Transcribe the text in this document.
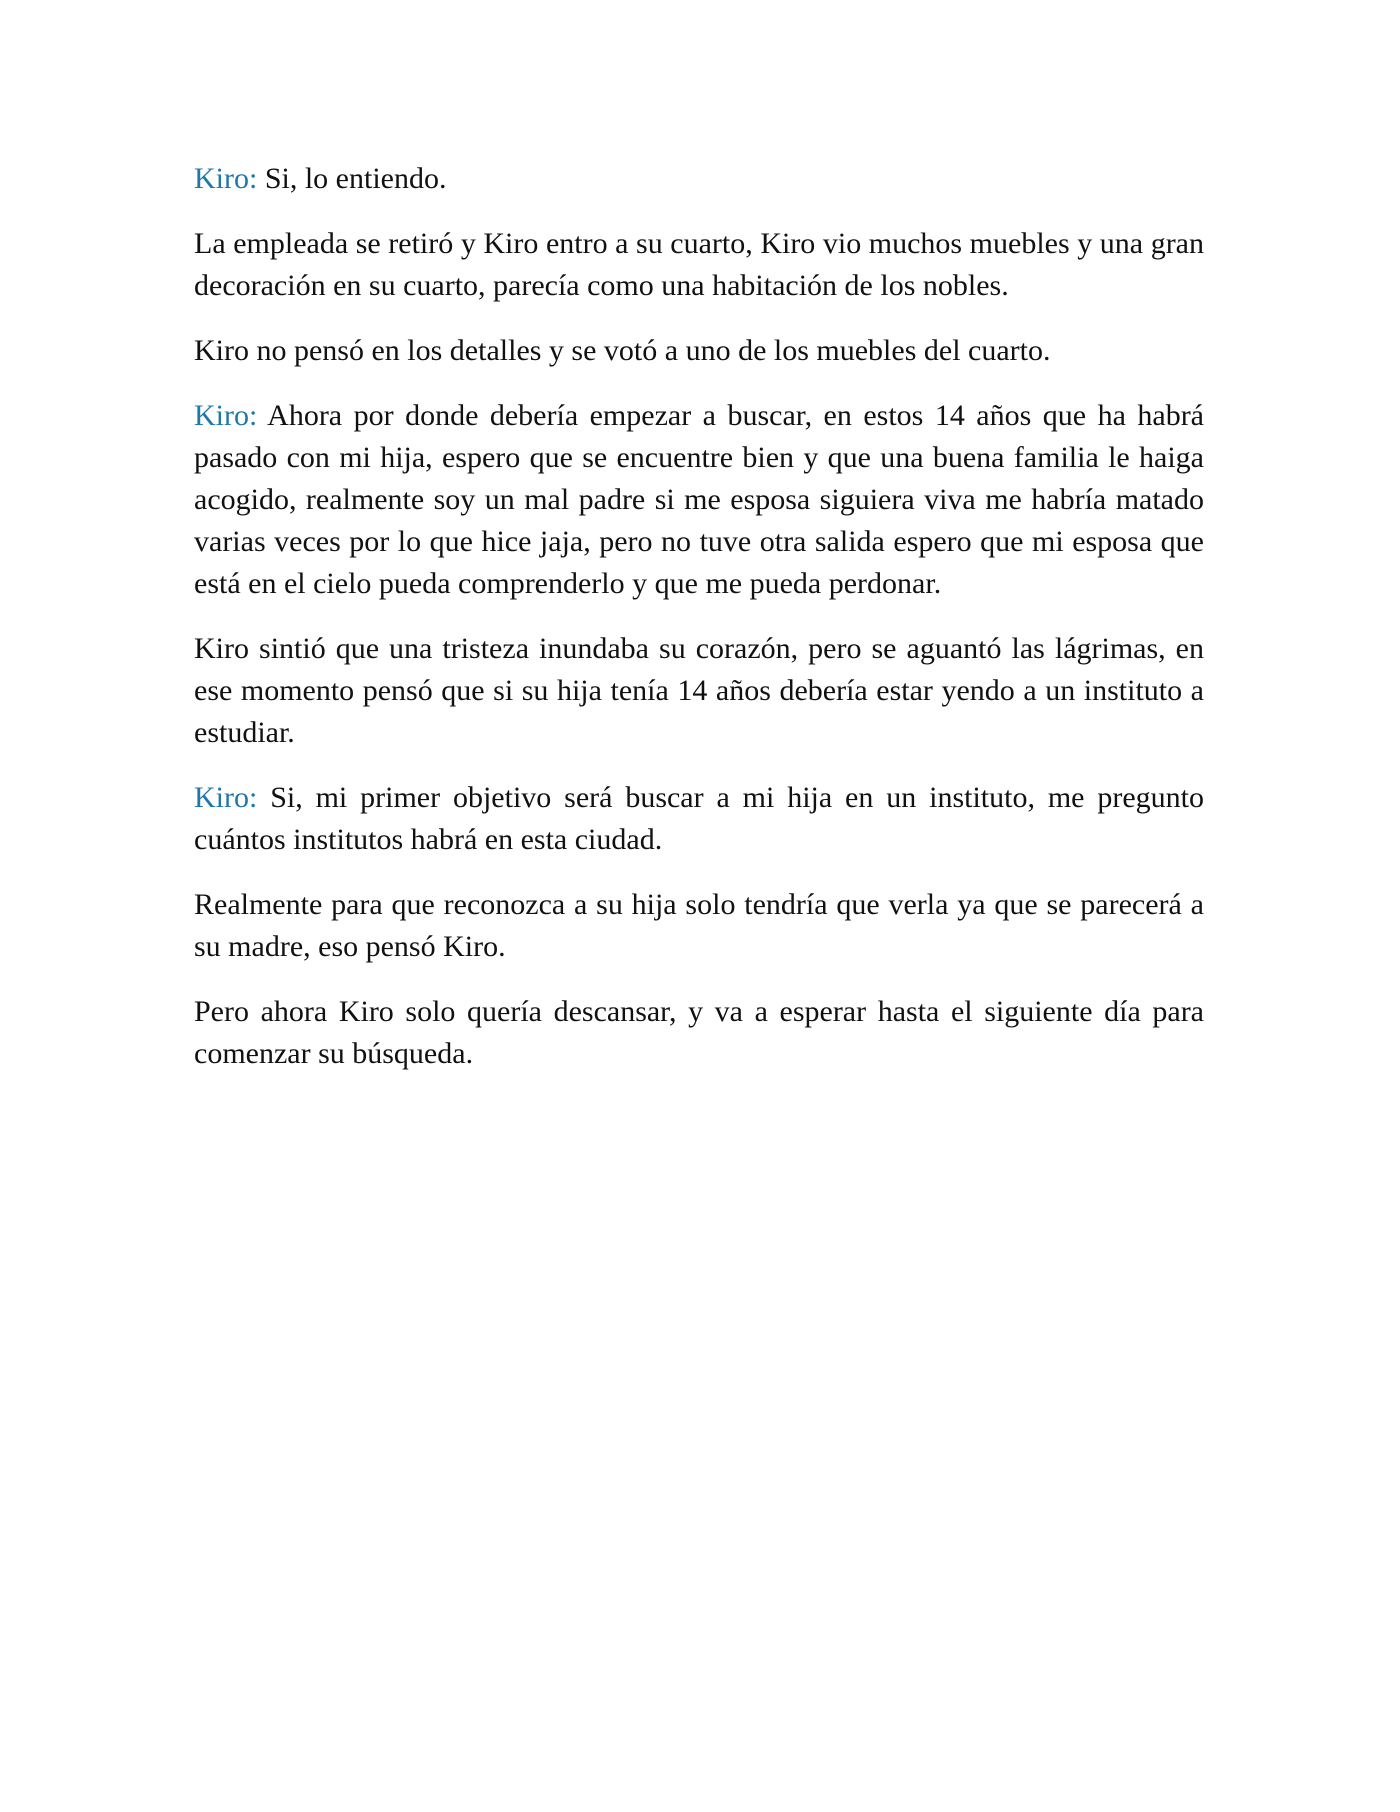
Kiro: Si, lo entiendo.

La empleada se retiró y Kiro entro a su cuarto, Kiro vio muchos muebles y una gran decoración en su cuarto, parecía como una habitación de los nobles.

Kiro no pensó en los detalles y se votó a uno de los muebles del cuarto.

Kiro: Ahora por donde debería empezar a buscar, en estos 14 años que ha habrá pasado con mi hija, espero que se encuentre bien y que una buena familia le haiga acogido, realmente soy un mal padre si me esposa siguiera viva me habría matado varias veces por lo que hice jaja, pero no tuve otra salida espero que mi esposa que está en el cielo pueda comprenderlo y que me pueda perdonar.

Kiro sintió que una tristeza inundaba su corazón, pero se aguantó las lágrimas, en ese momento pensó que si su hija tenía 14 años debería estar yendo a un instituto a estudiar.

Kiro: Si, mi primer objetivo será buscar a mi hija en un instituto, me pregunto cuántos institutos habrá en esta ciudad.

Realmente para que reconozca a su hija solo tendría que verla ya que se parecerá a su madre, eso pensó Kiro.

Pero ahora Kiro solo quería descansar, y va a esperar hasta el siguiente día para comenzar su búsqueda.
